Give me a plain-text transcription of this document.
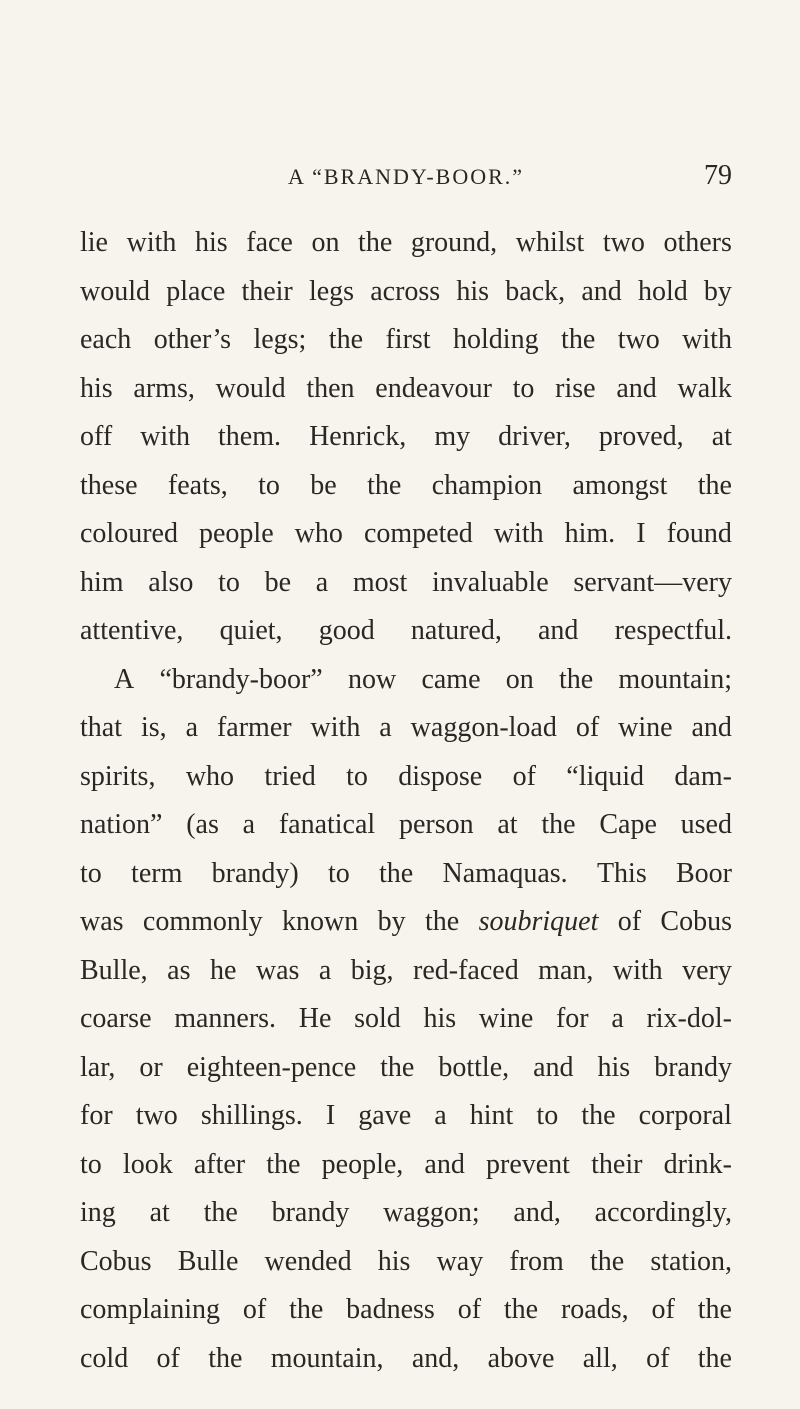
A “BRANDY-BOOR.”	79
lie with his face on the ground, whilst two others
would place their legs across his back, and hold by
each other’s legs; the first holding the two with
his arms, would then endeavour to rise and walk
off with them. Henrick, my driver, proved, at
these feats, to be the champion amongst the
coloured people who competed with him. I found
him also to be a most invaluable servant—very
attentive, quiet, good natured, and respectful.
A “brandy-boor” now came on the mountain;
that is, a farmer with a waggon-load of wine and
spirits, who tried to dispose of “liquid dam-
nation” (as a fanatical person at the Cape used
to term brandy) to the Namaquas. This Boor
was commonly known by the soubriquet of Cobus
Bulle, as he was a big, red-faced man, with very
coarse manners. He sold his wine for a rix-dol-
lar, or eighteen-pence the bottle, and his brandy
for two shillings. I gave a hint to the corporal
to look after the people, and prevent their drink-
ing at the brandy waggon; and, accordingly,
Cobus Bulle wended his way from the station,
complaining of the badness of the roads, of the
cold of the mountain, and, above all, of the
